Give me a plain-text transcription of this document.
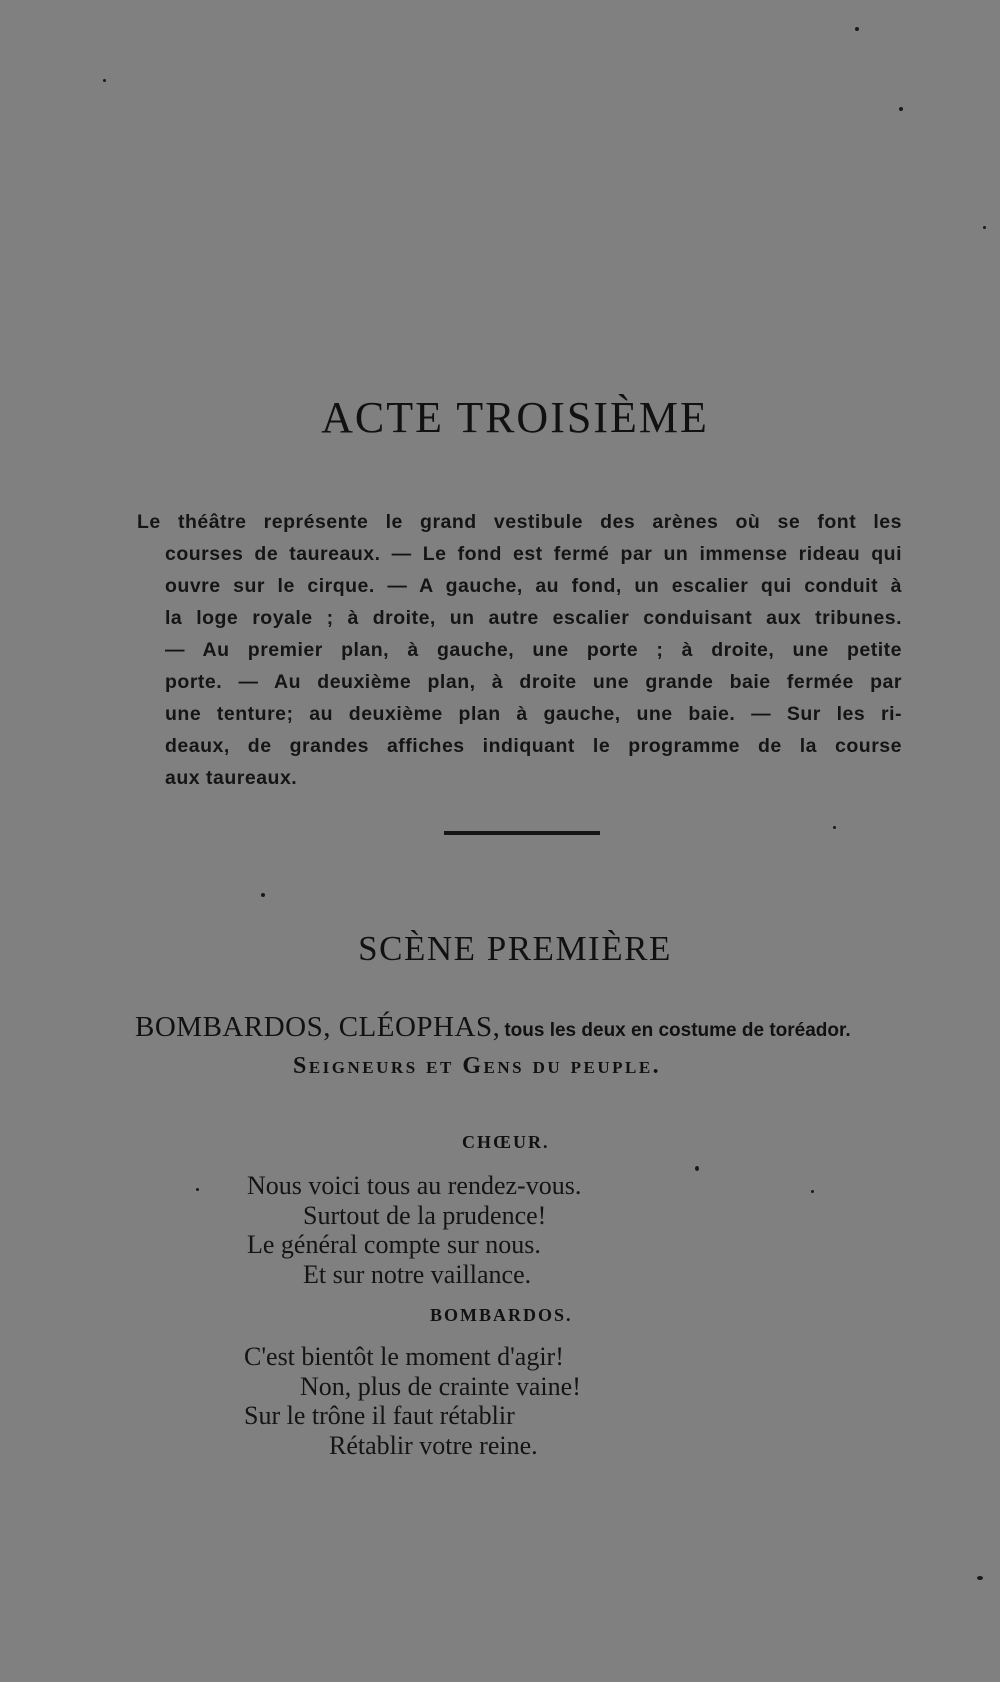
ACTE TROISIÈME
Le théâtre représente le grand vestibule des arènes où se font les
courses de taureaux. — Le fond est fermé par un immense rideau qui
ouvre sur le cirque. — A gauche, au fond, un escalier qui conduit à
la loge royale ; à droite, un autre escalier conduisant aux tribunes.
— Au premier plan, à gauche, une porte ; à droite, une petite
porte. — Au deuxième plan, à droite une grande baie fermée par
une tenture; au deuxième plan à gauche, une baie. — Sur les ri-
deaux, de grandes affiches indiquant le programme de la course
aux taureaux.
SCÈNE PREMIÈRE
BOMBARDOS, CLÉOPHAS, tous les deux en costume de toréador.
Seigneurs et Gens du peuple.
CHŒUR.
Nous voici tous au rendez-vous.
Surtout de la prudence!
Le général compte sur nous.
Et sur notre vaillance.
BOMBARDOS.
C'est bientôt le moment d'agir!
Non, plus de crainte vaine!
Sur le trône il faut rétablir
Rétablir votre reine.
